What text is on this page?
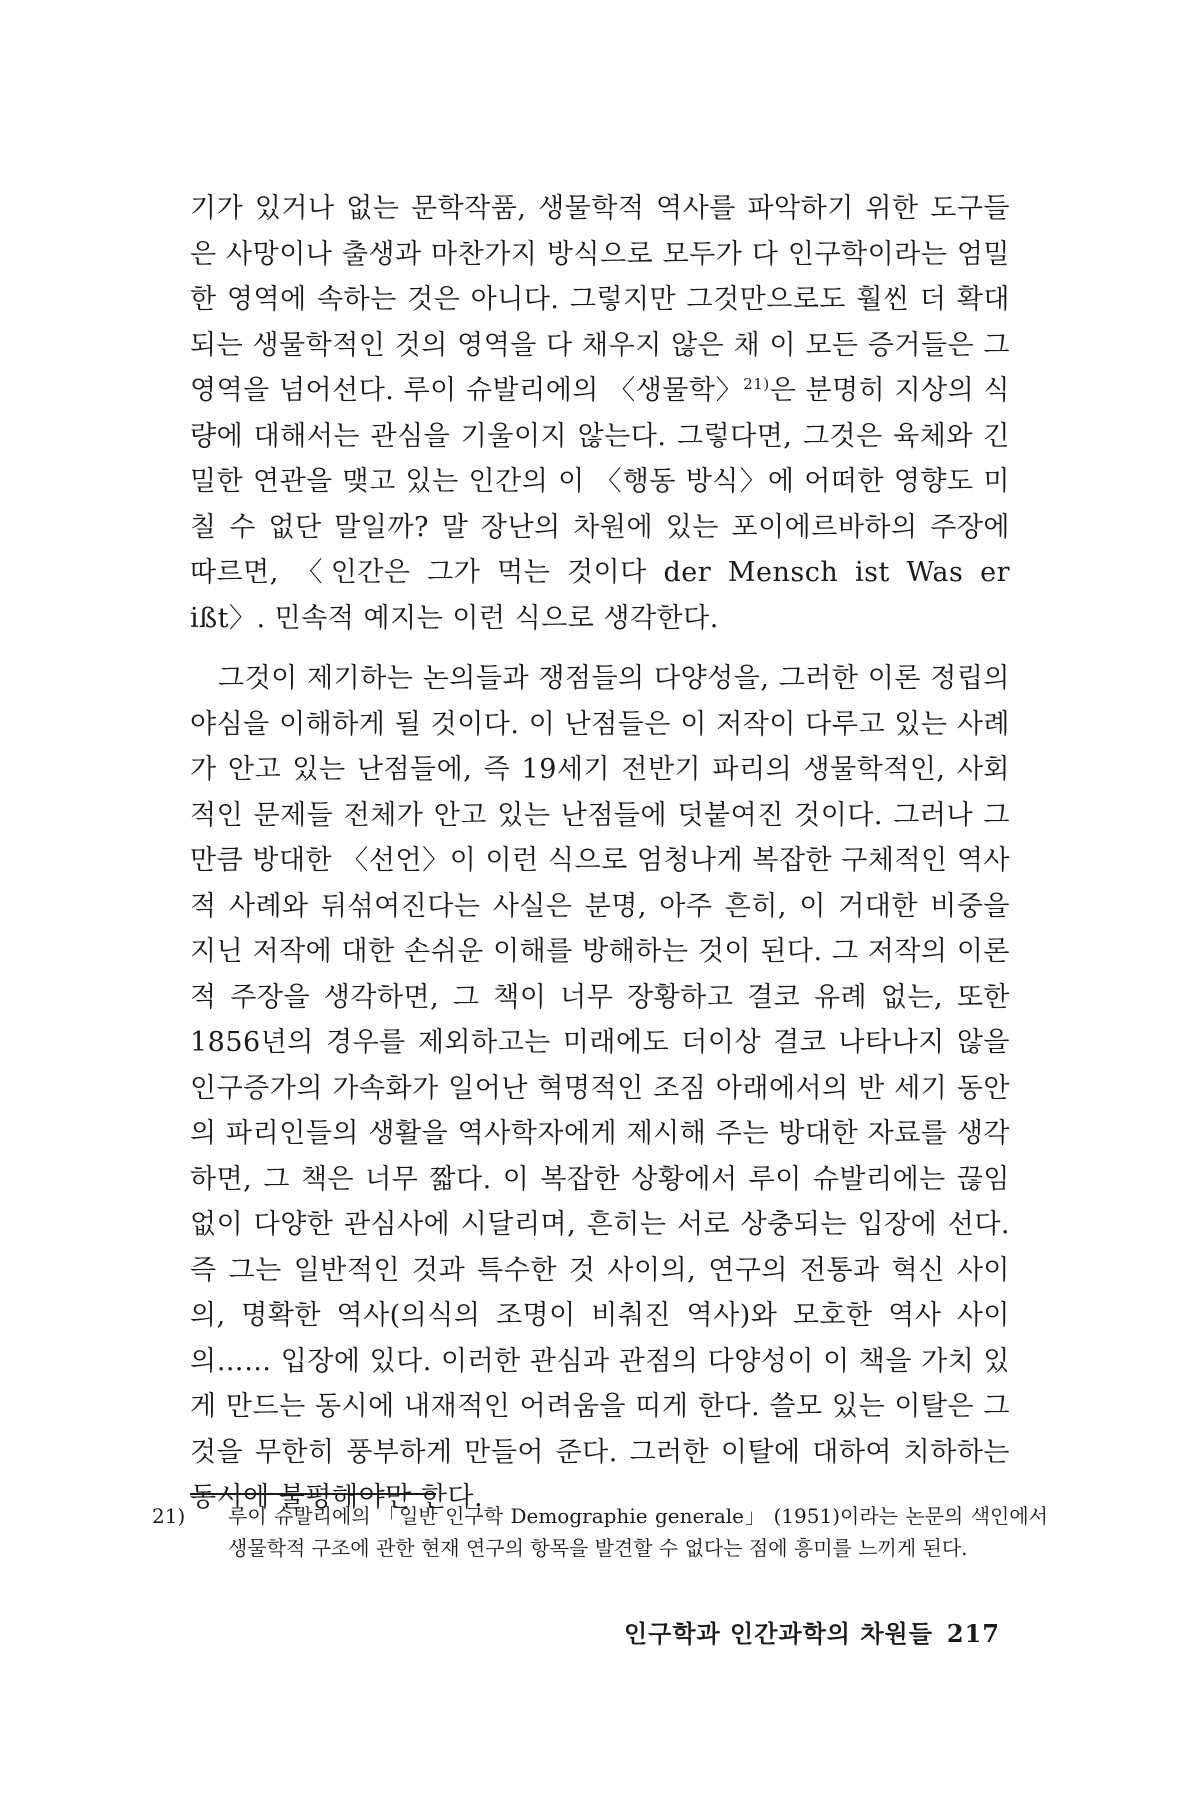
기가 있거나 없는 문학작품, 생물학적 역사를 파악하기 위한 도구들은 사망이나 출생과 마찬가지 방식으로 모두가 다 인구학이라는 엄밀한 영역에 속하는 것은 아니다. 그렇지만 그것만으로도 훨씬 더 확대되는 생물학적인 것의 영역을 다 채우지 않은 채 이 모든 증거들은 그 영역을 넘어선다. 루이 슈발리에의 〈생물학〉$^{21)}$은 분명히 지상의 식량에 대해서는 관심을 기울이지 않는다. 그렇다면, 그것은 육체와 긴밀한 연관을 맺고 있는 인간의 이 〈행동 방식〉에 어떠한 영향도 미칠 수 없단 말일까? 말 장난의 차원에 있는 포이에르바하의 주장에 따르면, 〈인간은 그가 먹는 것이다 der Mensch ist Was er ißt〉. 민속적 예지는 이런 식으로 생각한다.

그것이 제기하는 논의들과 쟁점들의 다양성을, 그러한 이론 정립의 야심을 이해하게 될 것이다. 이 난점들은 이 저작이 다루고 있는 사례가 안고 있는 난점들에, 즉 19세기 전반기 파리의 생물학적인, 사회적인 문제들 전체가 안고 있는 난점들에 덧붙여진 것이다. 그러나 그만큼 방대한 〈선언〉이 이런 식으로 엄청나게 복잡한 구체적인 역사적 사례와 뒤섞여진다는 사실은 분명, 아주 흔히, 이 거대한 비중을 지닌 저작에 대한 손쉬운 이해를 방해하는 것이 된다. 그 저작의 이론적 주장을 생각하면, 그 책이 너무 장황하고 결코 유례 없는, 또한 1856년의 경우를 제외하고는 미래에도 더이상 결코 나타나지 않을 인구증가의 가속화가 일어난 혁명적인 조짐 아래에서의 반 세기 동안의 파리인들의 생활을 역사학자에게 제시해 주는 방대한 자료를 생각하면, 그 책은 너무 짧다. 이 복잡한 상황에서 루이 슈발리에는 끊임없이 다양한 관심사에 시달리며, 흔히는 서로 상충되는 입장에 선다. 즉 그는 일반적인 것과 특수한 것 사이의, 연구의 전통과 혁신 사이의, 명확한 역사(의식의 조명이 비춰진 역사)와 모호한 역사 사이의…… 입장에 있다. 이러한 관심과 관점의 다양성이 이 책을 가치 있게 만드는 동시에 내재적인 어려움을 띠게 한다. 쓸모 있는 이탈은 그것을 무한히 풍부하게 만들어 준다. 그러한 이탈에 대하여 치하하는 동시에 불평해야만 한다.

21) 루이 슈발리에의 「일반 인구학 Demographie generale」 (1951)이라는 논문의 색인에서 생물학적 구조에 관한 현재 연구의 항목을 발견할 수 없다는 점에 흥미를 느끼게 된다.

인구학과 인간과학의 차원들 217
